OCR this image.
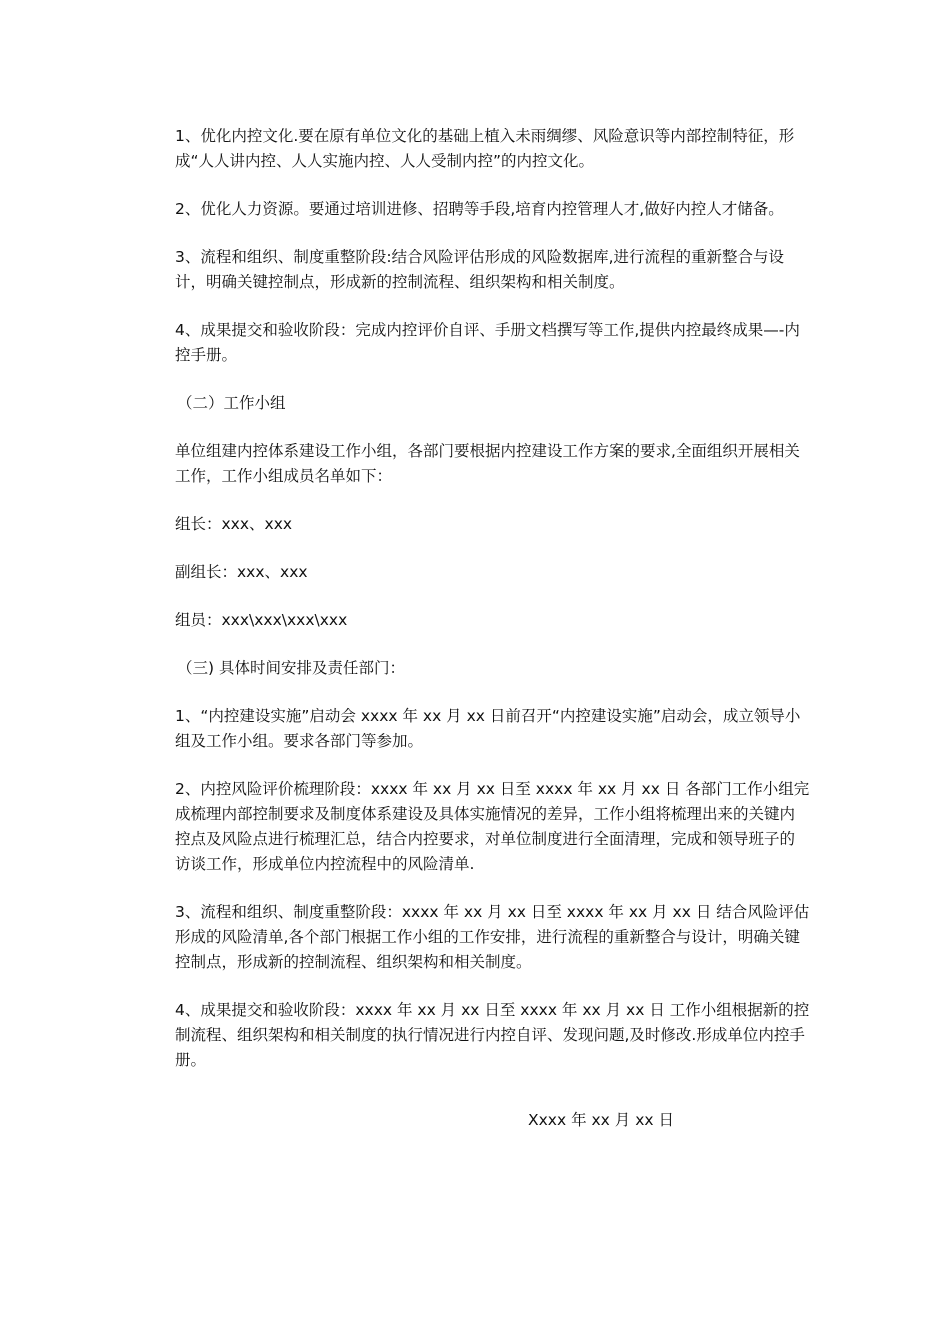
1、优化内控文化.要在原有单位文化的基础上植入未雨绸缪、风险意识等内部控制特征，形成“人人讲内控、人人实施内控、人人受制内控”的内控文化。

2、优化人力资源。要通过培训进修、招聘等手段,培育内控管理人才,做好内控人才储备。

3、流程和组织、制度重整阶段:结合风险评估形成的风险数据库,进行流程的重新整合与设计，明确关键控制点，形成新的控制流程、组织架构和相关制度。

4、成果提交和验收阶段：完成内控评价自评、手册文档撰写等工作,提供内控最终成果—-内控手册。

（二）工作小组

单位组建内控体系建设工作小组，各部门要根据内控建设工作方案的要求,全面组织开展相关工作，工作小组成员名单如下：

组长：xxx、xxx

副组长：xxx、xxx

组员：xxx\xxx\xxx\xxx

（三) 具体时间安排及责任部门：

1、“内控建设实施”启动会 xxxx 年 xx 月 xx 日前召开“内控建设实施”启动会，成立领导小组及工作小组。要求各部门等参加。

2、内控风险评价梳理阶段：xxxx 年 xx 月 xx 日至 xxxx 年 xx 月 xx 日 各部门工作小组完成梳理内部控制要求及制度体系建设及具体实施情况的差异，工作小组将梳理出来的关键内控点及风险点进行梳理汇总，结合内控要求，对单位制度进行全面清理，完成和领导班子的访谈工作，形成单位内控流程中的风险清单.

3、流程和组织、制度重整阶段：xxxx 年 xx 月 xx 日至 xxxx 年 xx 月 xx 日 结合风险评估形成的风险清单,各个部门根据工作小组的工作安排，进行流程的重新整合与设计，明确关键控制点，形成新的控制流程、组织架构和相关制度。

4、成果提交和验收阶段：xxxx 年 xx 月 xx 日至 xxxx 年 xx 月 xx 日 工作小组根据新的控制流程、组织架构和相关制度的执行情况进行内控自评、发现问题,及时修改.形成单位内控手册。

Xxxx 年 xx 月 xx 日
